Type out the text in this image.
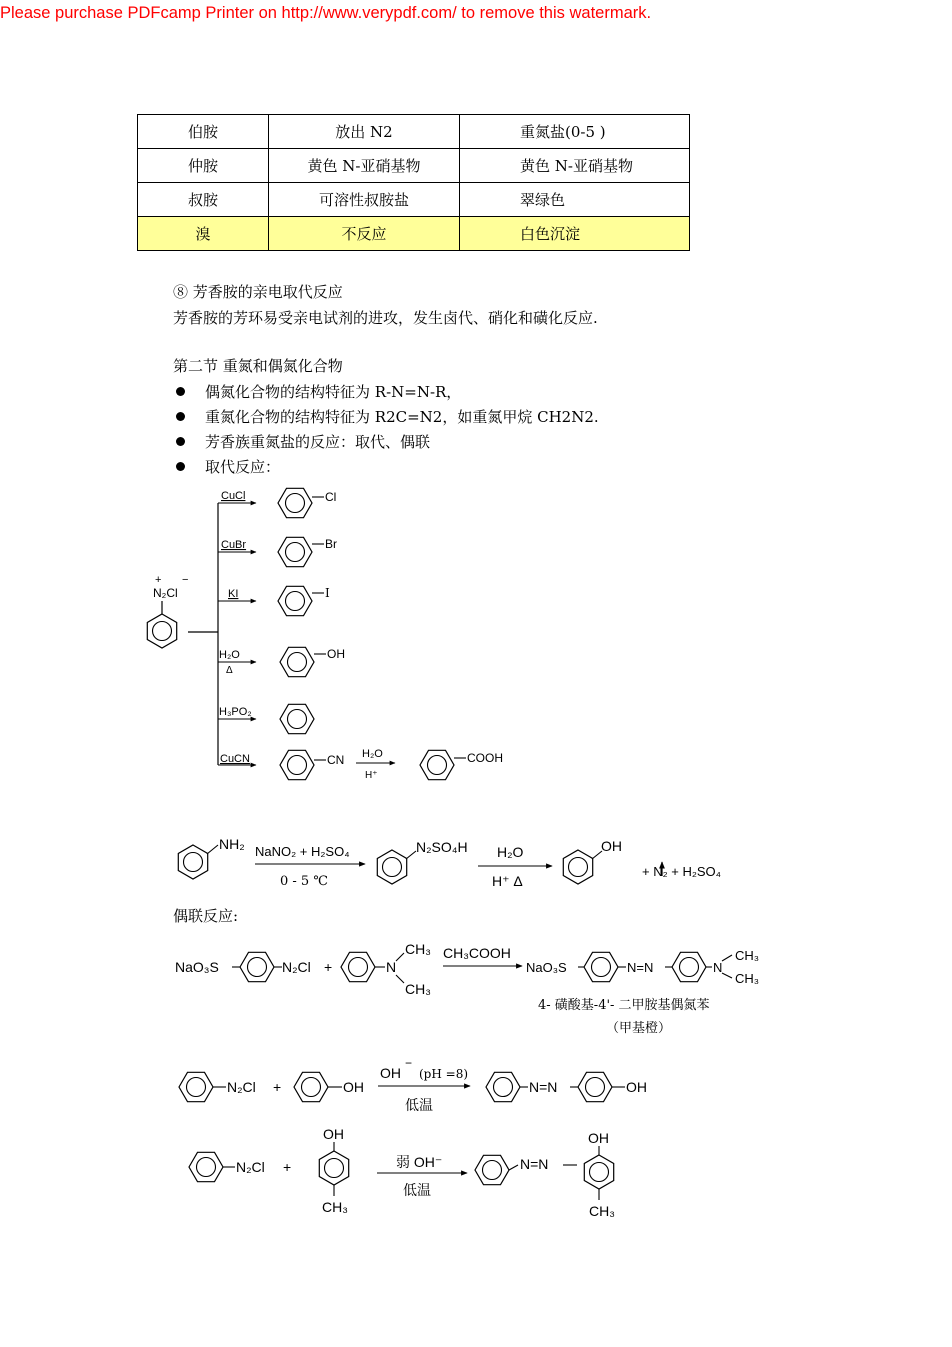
Please purchase PDFcamp Printer on http://www.verypdf.com/ to remove this watermark.
伯胺	放出 N2	重氮盐(0-5 )
仲胺	黄色 N-亚硝基物	黄色 N-亚硝基物
叔胺	可溶性叔胺盐	翠绿色
溴	不反应	白色沉淀
⑧ 芳香胺的亲电取代反应
芳香胺的芳环易受亲电试剂的进攻，发生卤代、硝化和磺化反应.
第二节 重氮和偶氮化合物
偶氮化合物的结构特征为 R-N=N-R，
重氮化合物的结构特征为 R2C=N2，如重氮甲烷 CH2N2.
芳香族重氮盐的反应：取代、偶联
取代反应：
N₂Cl
+ −
CuCl	Cl
CuBr	Br
KI	I
H₂O
Δ
OH
H₃PO₂
CuCN	CN H₂O
H⁺
COOH
NH₂ NaNO₂ + H₂SO₄
0 - 5 ℃
N₂SO₄H H₂O
H⁺ Δ
OH
+ N₂ + H₂SO₄
NaO₃S	N₂Cl +	N
CH₃
CH₃
CH₃COOH
NaO₃S	N=N	N
CH₃
CH₃
4- 磺酸基-4'- 二甲胺基偶氮苯
（甲基橙）
N₂Cl +	OH
OH
−
(pH =8)
低温
N=N	OH
N₂Cl +
OH
CH₃
弱 OH⁻
低温
N=N
OH
CH₃
偶联反应:
